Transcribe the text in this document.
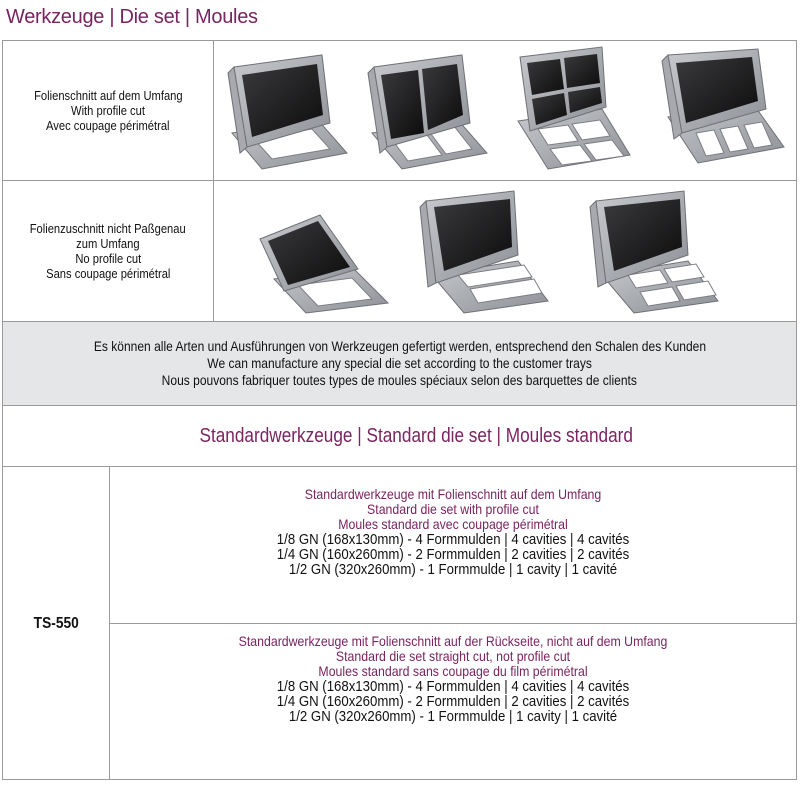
Werkzeuge | Die set | Moules
Folienschnitt auf dem Umfang
With profile cut
Avec coupage périmétral
Folienzuschnitt nicht Paßgenau
zum Umfang
No profile cut
Sans coupage périmétral
Es können alle Arten und Ausführungen von Werkzeugen gefertigt werden, entsprechend den Schalen des Kunden
We can manufacture any special die set according to the customer trays
Nous pouvons fabriquer toutes types de moules spéciaux selon des barquettes de clients
Standardwerkzeuge | Standard die set | Moules standard
TS-550
Standardwerkzeuge mit Folienschnitt auf dem Umfang
Standard die set with profile cut
Moules standard avec coupage périmétral
1/8 GN (168x130mm) - 4 Formmulden | 4 cavities | 4 cavités
1/4 GN (160x260mm) - 2 Formmulden | 2 cavities | 2 cavités
1/2 GN (320x260mm) - 1 Formmulde | 1 cavity | 1 cavité
Standardwerkzeuge mit Folienschnitt auf der Rückseite, nicht auf dem Umfang
Standard die set straight cut, not profile cut
Moules standard sans coupage du film périmétral
1/8 GN (168x130mm) - 4 Formmulden | 4 cavities | 4 cavités
1/4 GN (160x260mm) - 2 Formmulden | 2 cavities | 2 cavités
1/2 GN (320x260mm) - 1 Formmulde | 1 cavity | 1 cavité
